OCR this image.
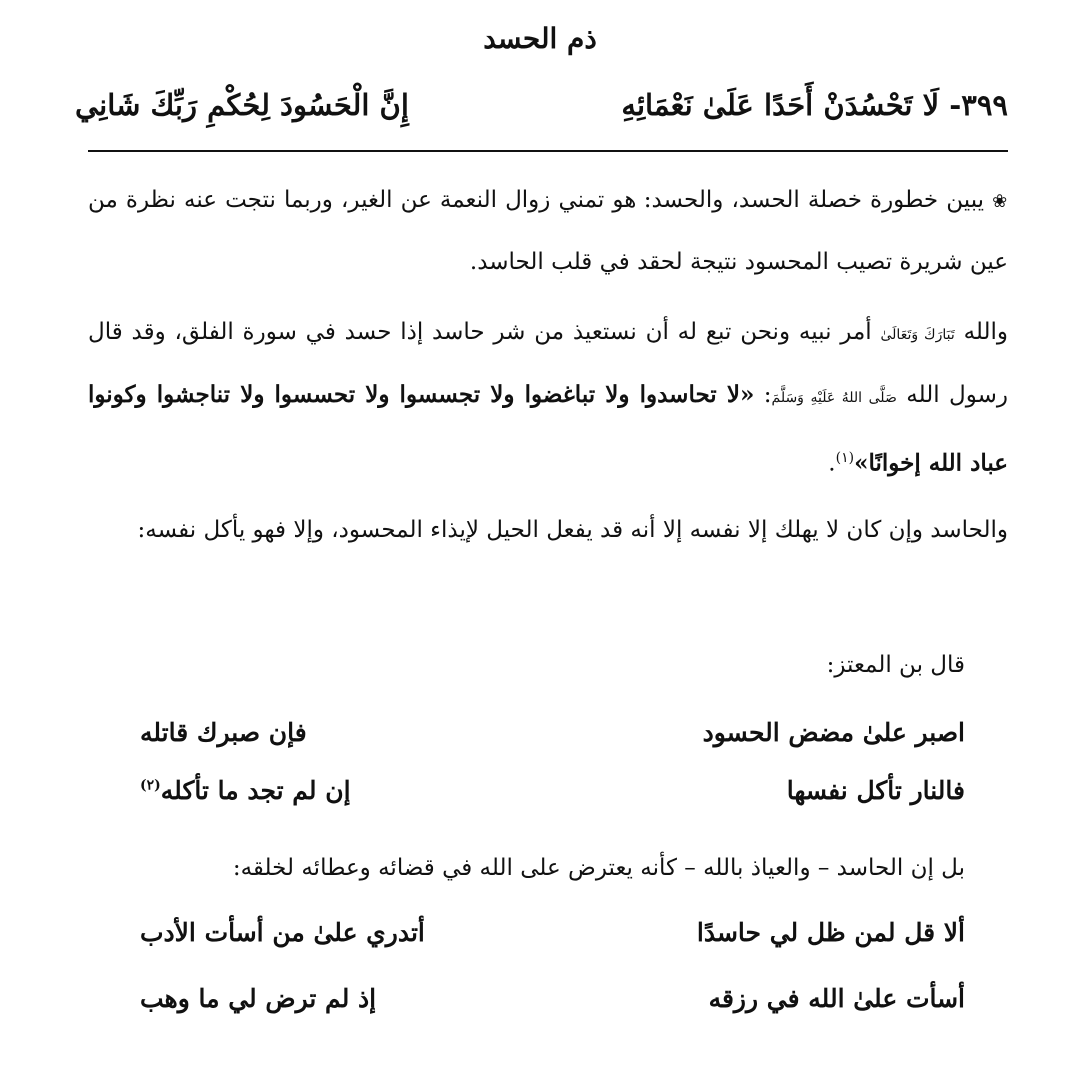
ذم الحسد
٣٩٩- لَا تَحْسُدَنْ أَحَدًا عَلَىٰ نَعْمَائِهِ
إِنَّ الْحَسُودَ لِحُكْمِ رَبِّكَ شَانِي
❀ يبين خطورة خصلة الحسد، والحسد: هو تمني زوال النعمة عن الغير، وربما نتجت عنه نظرة من عين شريرة تصيب المحسود نتيجة لحقد في قلب الحاسد.
والله تَبَارَكَ وَتَعَالَىٰ أمر نبيه ونحن تبع له أن نستعيذ من شر حاسد إذا حسد في سورة الفلق، وقد قال رسول الله صَلَّى اللهُ عَلَيْهِ وَسَلَّمَ: «لا تحاسدوا ولا تباغضوا ولا تجسسوا ولا تحسسوا ولا تناجشوا وكونوا عباد الله إخوانًا»$^{(١)}$.
والحاسد وإن كان لا يهلك إلا نفسه إلا أنه قد يفعل الحيل لإيذاء المحسود، وإلا فهو يأكل نفسه:
قال بن المعتز:
اصبر علىٰ مضض الحسود
فإن صبرك قاتله
فالنار تأكل نفسها
إن لم تجد ما تأكله$^{(٢)}$
بل إن الحاسد – والعياذ بالله – كأنه يعترض على الله في قضائه وعطائه لخلقه:
ألا قل لمن ظل لي حاسدًا
أتدري علىٰ من أسأت الأدب
أسأت علىٰ الله في رزقه
إذ لم ترض لي ما وهب
